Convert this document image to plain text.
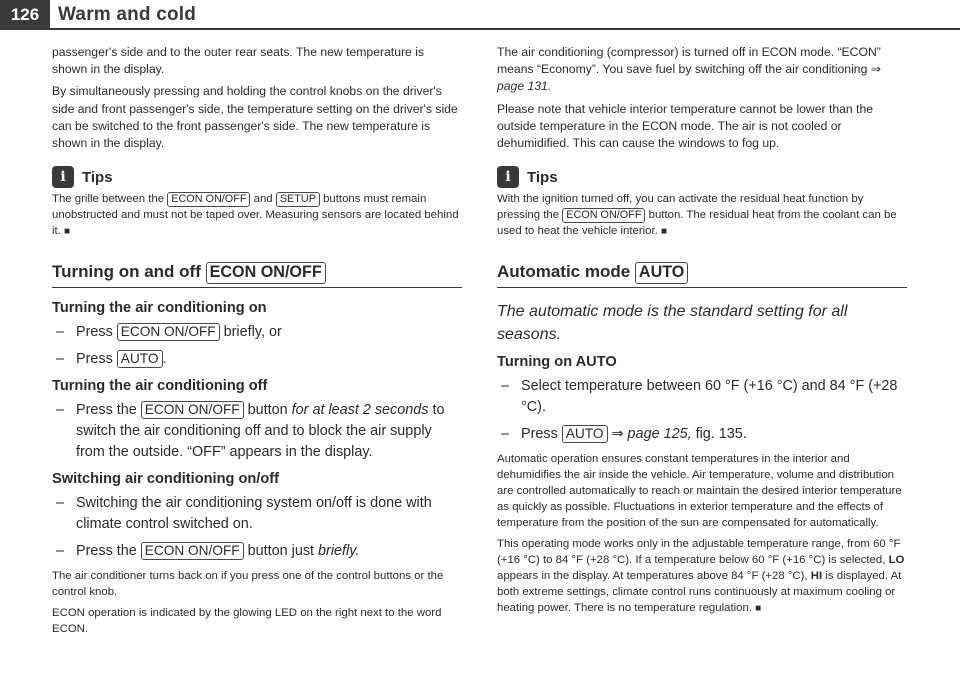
126 Warm and cold

passenger's side and to the outer rear seats. The new temperature is shown in the display.

By simultaneously pressing and holding the control knobs on the driver's side and front passenger's side, the temperature setting on the driver's side can be switched to the front passenger's side. The new temperature is shown in the display.

i	Tips

The grille between the ECON ON/OFF and SETUP buttons must remain unobstructed and must not be taped over. Measuring sensors are located behind it. ■

Turning on and off ECON ON/OFF
Turning the air conditioning on
– Press ECON ON/OFF briefly, or
– Press AUTO .
Turning the air conditioning off
– Press the ECON ON/OFF button for at least 2 seconds to switch the air conditioning off and to block the air supply from the outside. “OFF” appears in the display.
Switching air conditioning on/off
– Switching the air conditioning system on/off is done with climate control switched on.
– Press the ECON ON/OFF button just briefly.

The air conditioner turns back on if you press one of the control buttons or the control knob.

ECON operation is indicated by the glowing LED on the right next to the word ECON.

The air conditioning (compressor) is turned off in ECON mode. “ECON” means “Economy”. You save fuel by switching off the air conditioning ⇒ page 131.

Please note that vehicle interior temperature cannot be lower than the outside temperature in the ECON mode. The air is not cooled or dehumidified. This can cause the windows to fog up.

i	Tips

With the ignition turned off, you can activate the residual heat function by pressing the ECON ON/OFF button. The residual heat from the coolant can be used to heat the vehicle interior. ■

Automatic mode AUTO

The automatic mode is the standard setting for all seasons.

Turning on AUTO
– Select temperature between 60 °F (+16 °C) and 84 °F (+28 °C).
– Press AUTO ⇒ page 125, fig. 135.

Automatic operation ensures constant temperatures in the interior and dehumidifies the air inside the vehicle. Air temperature, volume and distribution are controlled automatically to reach or maintain the desired interior temperature as quickly as possible. Fluctuations in exterior temperature and the effects of temperature from the position of the sun are compensated for automatically.

This operating mode works only in the adjustable temperature range, from 60 °F (+16 °C) to 84 °F (+28 °C). If a temperature below 60 °F (+16 °C) is selected, LO appears in the display. At temperatures above 84 °F (+28 °C), HI is displayed. At both extreme settings, climate control runs continuously at maximum cooling or heating power. There is no temperature regulation. ■
